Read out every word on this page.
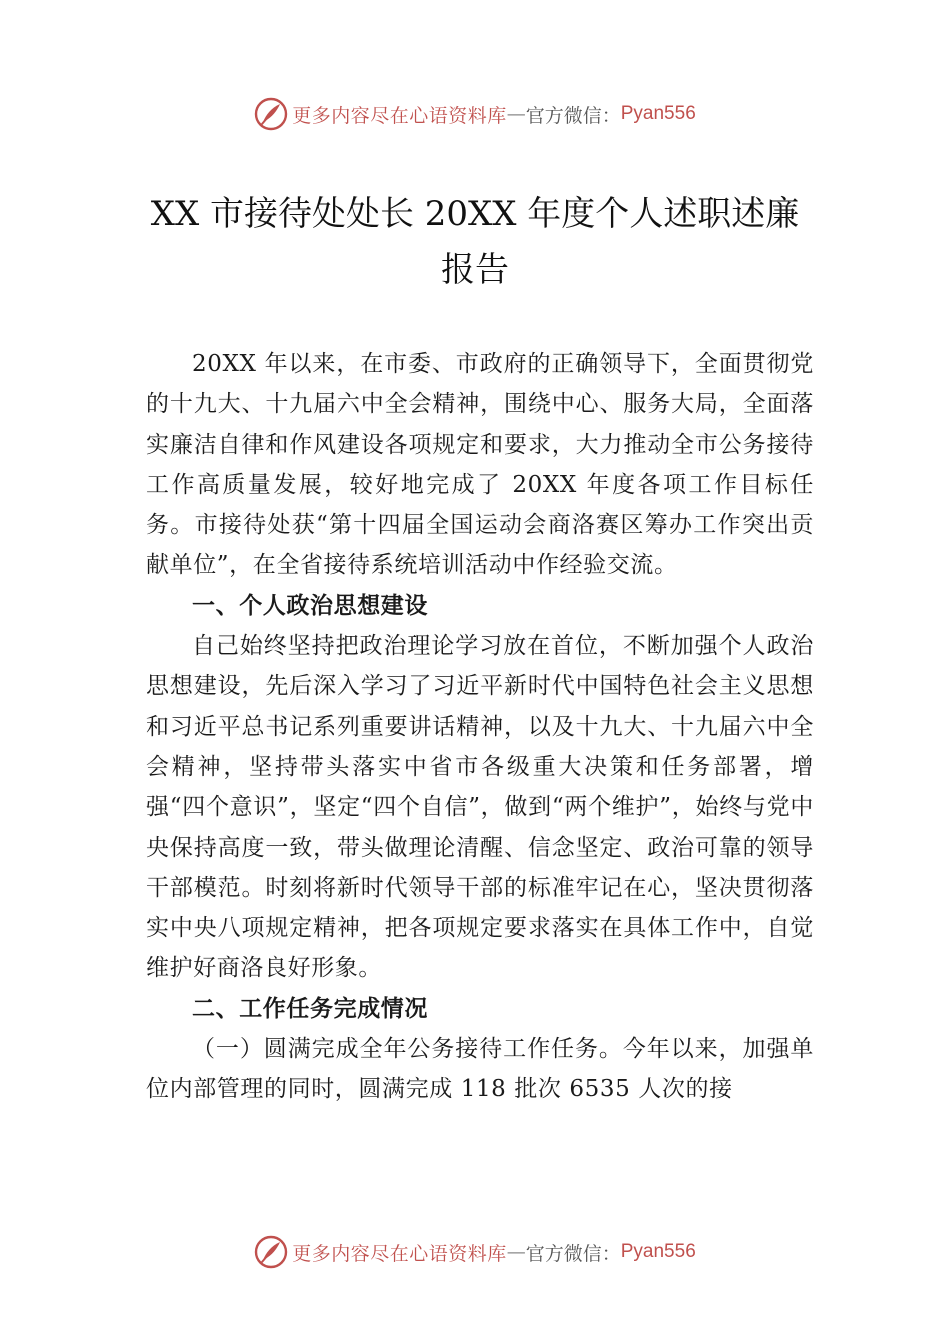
更多内容尽在心语资料库 — 官方微信： Pyan556
XX 市接待处处长 20XX 年度个人述职述廉
报告

20XX 年以来，在市委、市政府的正确领导下，全面贯彻党的十九大、十九届六中全会精神，围绕中心、服务大局，全面落实廉洁自律和作风建设各项规定和要求，大力推动全市公务接待工作高质量发展，较好地完成了 20XX 年度各项工作目标任务。市接待处获“第十四届全国运动会商洛赛区筹办工作突出贡献单位”，在全省接待系统培训活动中作经验交流。

一、个人政治思想建设

自己始终坚持把政治理论学习放在首位，不断加强个人政治思想建设，先后深入学习了习近平新时代中国特色社会主义思想和习近平总书记系列重要讲话精神，以及十九大、十九届六中全会精神，坚持带头落实中省市各级重大决策和任务部署，增强“四个意识”，坚定“四个自信”，做到“两个维护”，始终与党中央保持高度一致，带头做理论清醒、信念坚定、政治可靠的领导干部模范。时刻将新时代领导干部的标准牢记在心，坚决贯彻落实中央八项规定精神，把各项规定要求落实在具体工作中，自觉维护好商洛良好形象。

二、工作任务完成情况

（一）圆满完成全年公务接待工作任务。今年以来，加强单位内部管理的同时，圆满完成 118 批次 6535 人次的接

更多内容尽在心语资料库 — 官方微信： Pyan556
